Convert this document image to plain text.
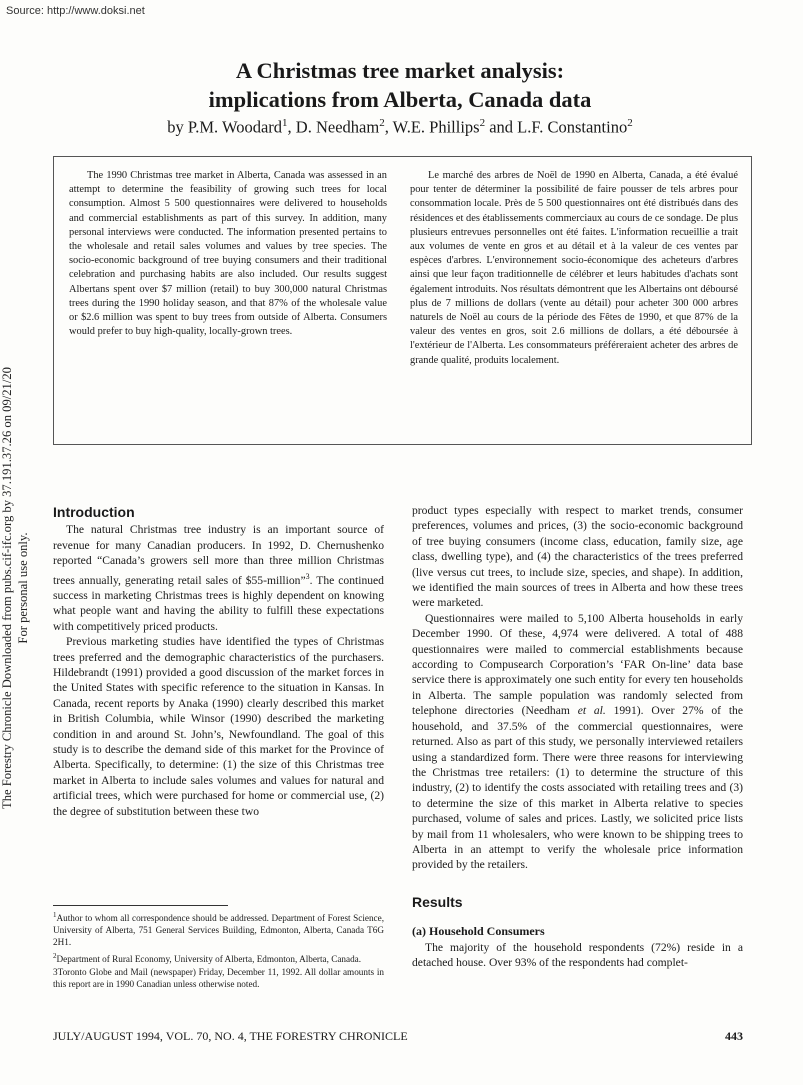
Source: http://www.doksi.net
The Forestry Chronicle Downloaded from pubs.cif-ifc.org by 37.191.37.26 on 09/21/20 For personal use only.
A Christmas tree market analysis:
implications from Alberta, Canada data
by P.M. Woodard$^1$, D. Needham$^2$, W.E. Phillips$^2$ and L.F. Constantino$^2$
The 1990 Christmas tree market in Alberta, Canada was assessed in an attempt to determine the feasibility of growing such trees for local consumption. Almost 5 500 questionnaires were delivered to households and commercial establishments as part of this survey. In addition, many personal interviews were conducted. The information presented pertains to the wholesale and retail sales volumes and values by tree species. The socio-economic background of tree buying consumers and their traditional celebration and purchasing habits are also included. Our results suggest Albertans spent over $7 million (retail) to buy 300,000 natural Christmas trees during the 1990 holiday season, and that 87% of the wholesale value or $2.6 million was spent to buy trees from outside of Alberta. Consumers would prefer to buy high-quality, locally-grown trees.
Le marché des arbres de Noël de 1990 en Alberta, Canada, a été évalué pour tenter de déterminer la possibilité de faire pousser de tels arbres pour consommation locale. Près de 5 500 questionnaires ont été distribués dans des résidences et des établissements commerciaux au cours de ce sondage. De plus plusieurs entrevues personnelles ont été faites. L'information recueillie a trait aux volumes de vente en gros et au détail et à la valeur de ces ventes par espèces d'arbres. L'environnement socio-économique des acheteurs d'arbres ainsi que leur façon traditionnelle de célébrer et leurs habitudes d'achats sont également introduits. Nos résultats démontrent que les Albertains ont déboursé plus de 7 millions de dollars (vente au détail) pour acheter 300 000 arbres naturels de Noël au cours de la période des Fêtes de 1990, et que 87% de la valeur des ventes en gros, soit 2.6 millions de dollars, a été déboursée à l'extérieur de l'Alberta. Les consommateurs préféreraient acheter des arbres de grande qualité, produits localement.
Introduction

The natural Christmas tree industry is an important source of revenue for many Canadian producers. In 1992, D. Chernushenko reported “Canada’s growers sell more than three million Christmas trees annually, generating retail sales of $55-million”$^3$. The continued success in marketing Christmas trees is highly dependent on knowing what people want and having the ability to fulfill these expectations with competitively priced products.

Previous marketing studies have identified the types of Christmas trees preferred and the demographic characteristics of the purchasers. Hildebrandt (1991) provided a good discussion of the market forces in the United States with specific reference to the situation in Kansas. In Canada, recent reports by Anaka (1990) clearly described this market in British Columbia, while Winsor (1990) described the marketing condition in and around St. John’s, Newfoundland. The goal of this study is to describe the demand side of this market for the Province of Alberta. Specifically, to determine: (1) the size of this Christmas tree market in Alberta to include sales volumes and values for natural and artificial trees, which were purchased for home or commercial use, (2) the degree of substitution between these two

product types especially with respect to market trends, consumer preferences, volumes and prices, (3) the socio-economic background of tree buying consumers (income class, education, family size, age class, dwelling type), and (4) the characteristics of the trees preferred (live versus cut trees, to include size, species, and shape). In addition, we identified the main sources of trees in Alberta and how these trees were marketed.

Questionnaires were mailed to 5,100 Alberta households in early December 1990. Of these, 4,974 were delivered. A total of 488 questionnaires were mailed to commercial establishments because according to Compusearch Corporation’s ‘FAR On-line’ data base service there is approximately one such entity for every ten households in Alberta. The sample population was randomly selected from telephone directories (Needham et al. 1991). Over 27% of the household, and 37.5% of the commercial questionnaires, were returned. Also as part of this study, we personally interviewed retailers using a standardized form. There were three reasons for interviewing the Christmas tree retailers: (1) to determine the structure of this industry, (2) to identify the costs associated with retailing trees and (3) to determine the size of this market in Alberta relative to species purchased, volume of sales and prices. Lastly, we solicited price lists by mail from 11 wholesalers, who were known to be shipping trees to Alberta in an attempt to verify the wholesale price information provided by the retailers.

Results
(a) Household Consumers

The majority of the household respondents (72%) reside in a detached house. Over 93% of the respondents had complet-

$^1$Author to whom all correspondence should be addressed. Department of Forest Science, University of Alberta, 751 General Services Building, Edmonton, Alberta, Canada T6G 2H1.

$^2$Department of Rural Economy, University of Alberta, Edmonton, Alberta, Canada.

3Toronto Globe and Mail (newspaper) Friday, December 11, 1992. All dollar amounts in this report are in 1990 Canadian unless otherwise noted.

JULY/AUGUST 1994, VOL. 70, NO. 4, THE FORESTRY CHRONICLE	443
